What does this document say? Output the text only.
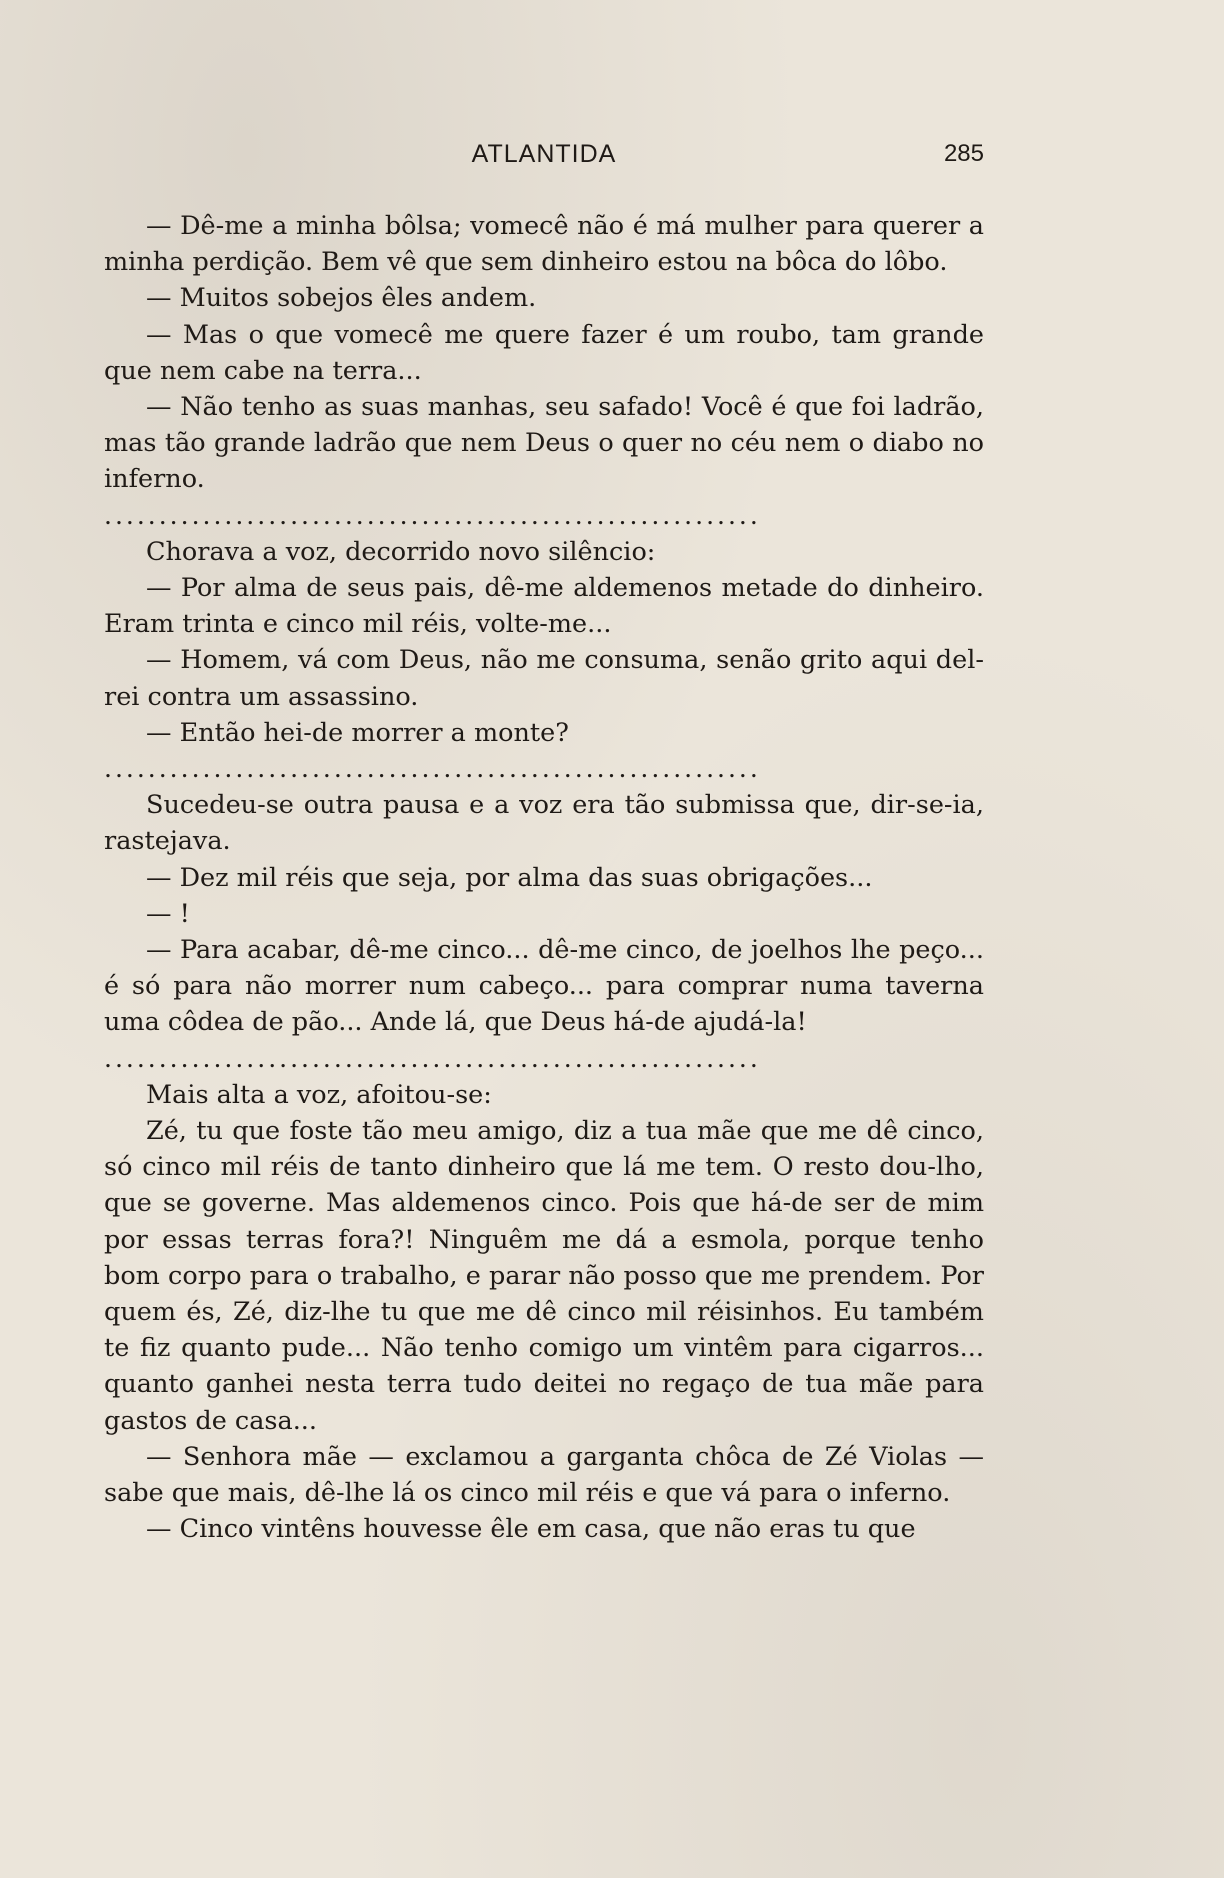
ATLANTIDA	285

— Dê-me a minha bôlsa; vomecê não é má mulher para querer a minha perdição. Bem vê que sem dinheiro estou na bôca do lôbo.

— Muitos sobejos êles andem.

— Mas o que vomecê me quere fazer é um roubo, tam grande que nem cabe na terra...

— Não tenho as suas manhas, seu safado! Você é que foi ladrão, mas tão grande ladrão que nem Deus o quer no céu nem o diabo no inferno.

............................................................

Chorava a voz, decorrido novo silêncio:

— Por alma de seus pais, dê-me aldemenos metade do dinheiro. Eram trinta e cinco mil réis, volte-me...

— Homem, vá com Deus, não me consuma, senão grito aqui del-rei contra um assassino.

— Então hei-de morrer a monte?

............................................................

Sucedeu-se outra pausa e a voz era tão submissa que, dir-se-ia, rastejava.

— Dez mil réis que seja, por alma das suas obrigações...

— !

— Para acabar, dê-me cinco... dê-me cinco, de joelhos lhe peço... é só para não morrer num cabeço... para comprar numa taverna uma côdea de pão... Ande lá, que Deus há-de ajudá-la!

............................................................

Mais alta a voz, afoitou-se:

Zé, tu que foste tão meu amigo, diz a tua mãe que me dê cinco, só cinco mil réis de tanto dinheiro que lá me tem. O resto dou-lho, que se governe. Mas aldemenos cinco. Pois que há-de ser de mim por essas terras fora?! Ninguêm me dá a esmola, porque tenho bom corpo para o trabalho, e parar não posso que me prendem. Por quem és, Zé, diz-lhe tu que me dê cinco mil réisinhos. Eu também te fiz quanto pude... Não tenho comigo um vintêm para cigarros... quanto ganhei nesta terra tudo deitei no regaço de tua mãe para gastos de casa...

— Senhora mãe — exclamou a garganta chôca de Zé Violas — sabe que mais, dê-lhe lá os cinco mil réis e que vá para o inferno.

— Cinco vintêns houvesse êle em casa, que não eras tu que
